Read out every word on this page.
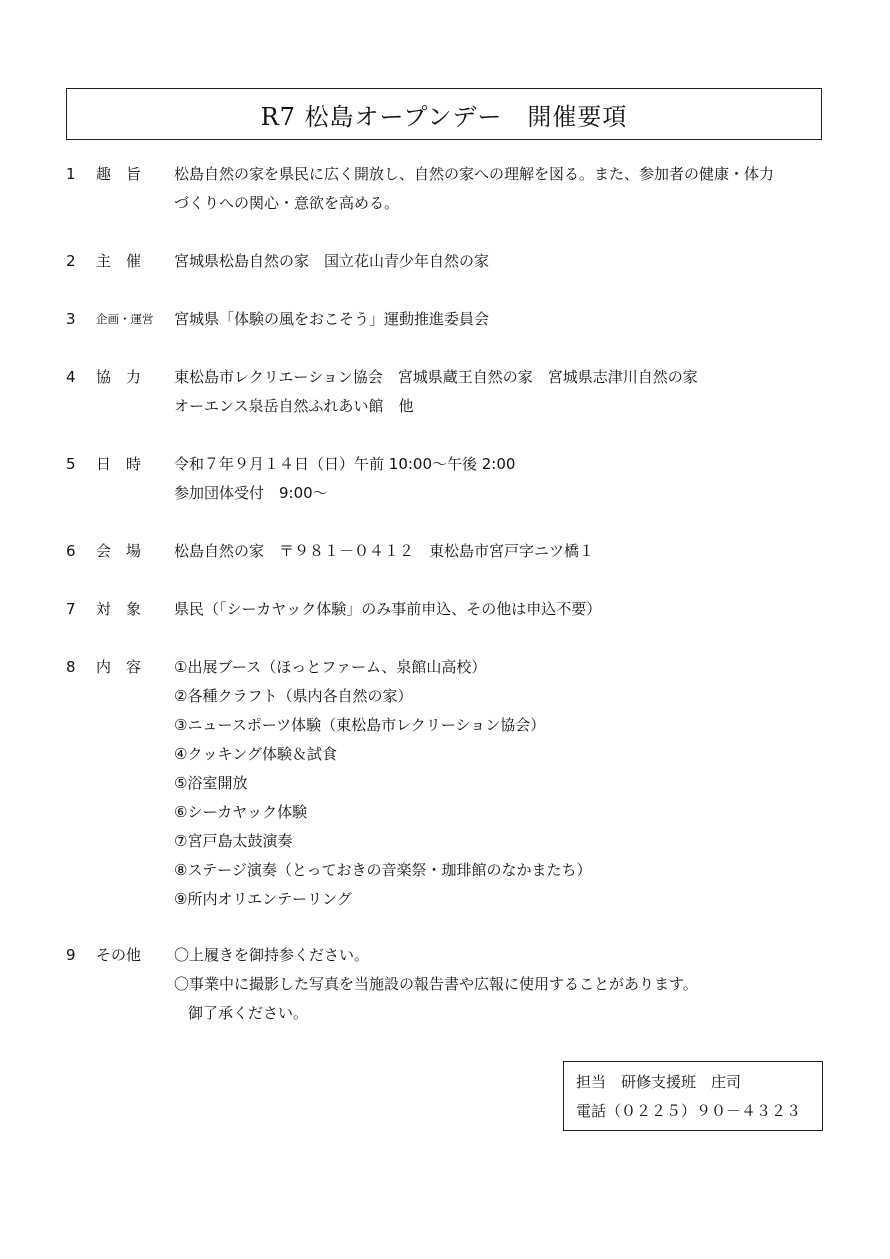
R7 松島オープンデー　開催要項
1	趣　旨	松島自然の家を県民に広く開放し、自然の家への理解を図る。また、参加者の健康・体力
づくりへの関心・意欲を高める。
2	主　催	宮城県松島自然の家　国立花山青少年自然の家
3	企画・運営	宮城県「体験の風をおこそう」運動推進委員会
4	協　力	東松島市レクリエーション協会　宮城県蔵王自然の家　宮城県志津川自然の家
オーエンス泉岳自然ふれあい館　他
5	日　時	令和７年９月１４日（日）午前 10:00～午後 2:00
参加団体受付　9:00～
6	会　場	松島自然の家　〒９８１－０４１２　東松島市宮戸字ニツ橋１
7	対　象	県民（「シーカヤック体験」のみ事前申込、その他は申込不要）
8	内　容	①出展ブース（ほっとファーム、泉館山高校）
②各種クラフト（県内各自然の家）
③ニュースポーツ体験（東松島市レクリーション協会）
④クッキング体験＆試食
⑤浴室開放
⑥シーカヤック体験
⑦宮戸島太鼓演奏
⑧ステージ演奏（とっておきの音楽祭・珈琲館のなかまたち）
⑨所内オリエンテーリング
9	その他	〇上履きを御持参ください。
〇事業中に撮影した写真を当施設の報告書や広報に使用することがあります。
御了承ください。
担当　研修支援班　庄司
電話（０２２５）９０－４３２３
